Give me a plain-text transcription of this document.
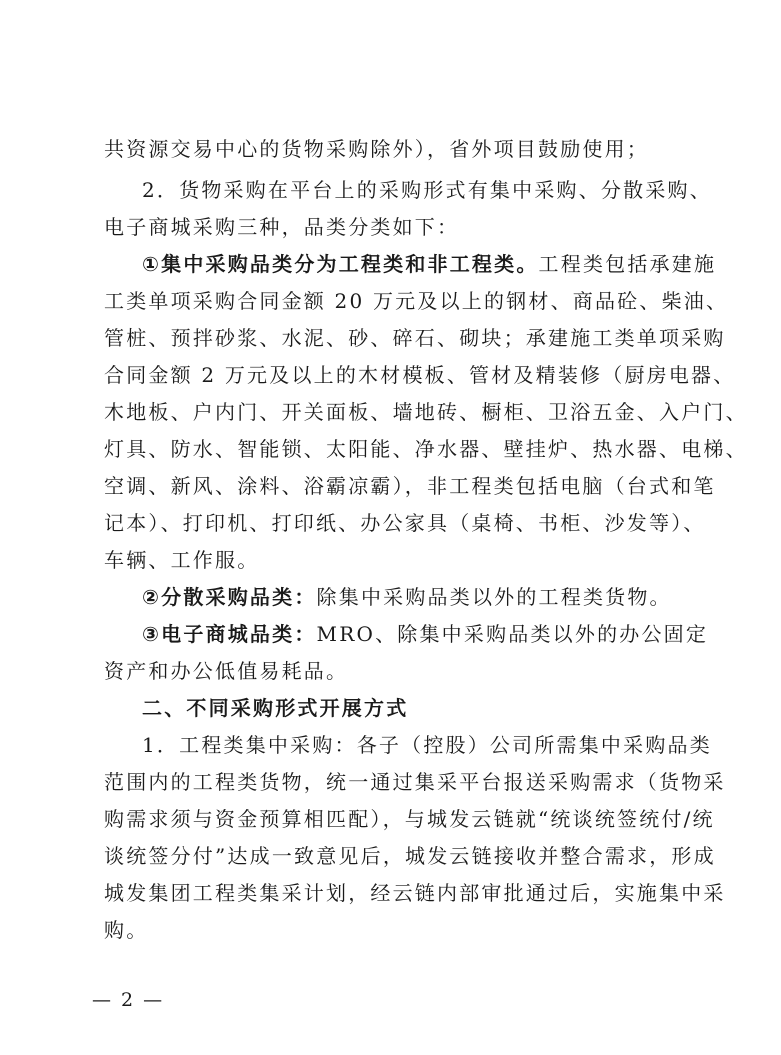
共资源交易中心的货物采购除外），省外项目鼓励使用；
2．货物采购在平台上的采购形式有集中采购、分散采购、
电子商城采购三种，品类分类如下：
①集中采购品类分为工程类和非工程类。工程类包括承建施
工类单项采购合同金额 20 万元及以上的钢材、商品砼、柴油、
管桩、预拌砂浆、水泥、砂、碎石、砌块；承建施工类单项采购
合同金额 2 万元及以上的木材模板、管材及精装修（厨房电器、
木地板、户内门、开关面板、墙地砖、橱柜、卫浴五金、入户门、
灯具、防水、智能锁、太阳能、净水器、壁挂炉、热水器、电梯、
空调、新风、涂料、浴霸凉霸），非工程类包括电脑（台式和笔
记本）、打印机、打印纸、办公家具（桌椅、书柜、沙发等）、
车辆、工作服。
②分散采购品类：除集中采购品类以外的工程类货物。
③电子商城品类：MRO、除集中采购品类以外的办公固定
资产和办公低值易耗品。
二、不同采购形式开展方式
1．工程类集中采购：各子（控股）公司所需集中采购品类
范围内的工程类货物，统一通过集采平台报送采购需求（货物采
购需求须与资金预算相匹配），与城发云链就“统谈统签统付/统
谈统签分付”达成一致意见后，城发云链接收并整合需求，形成
城发集团工程类集采计划，经云链内部审批通过后，实施集中采
购。
— 2 —
